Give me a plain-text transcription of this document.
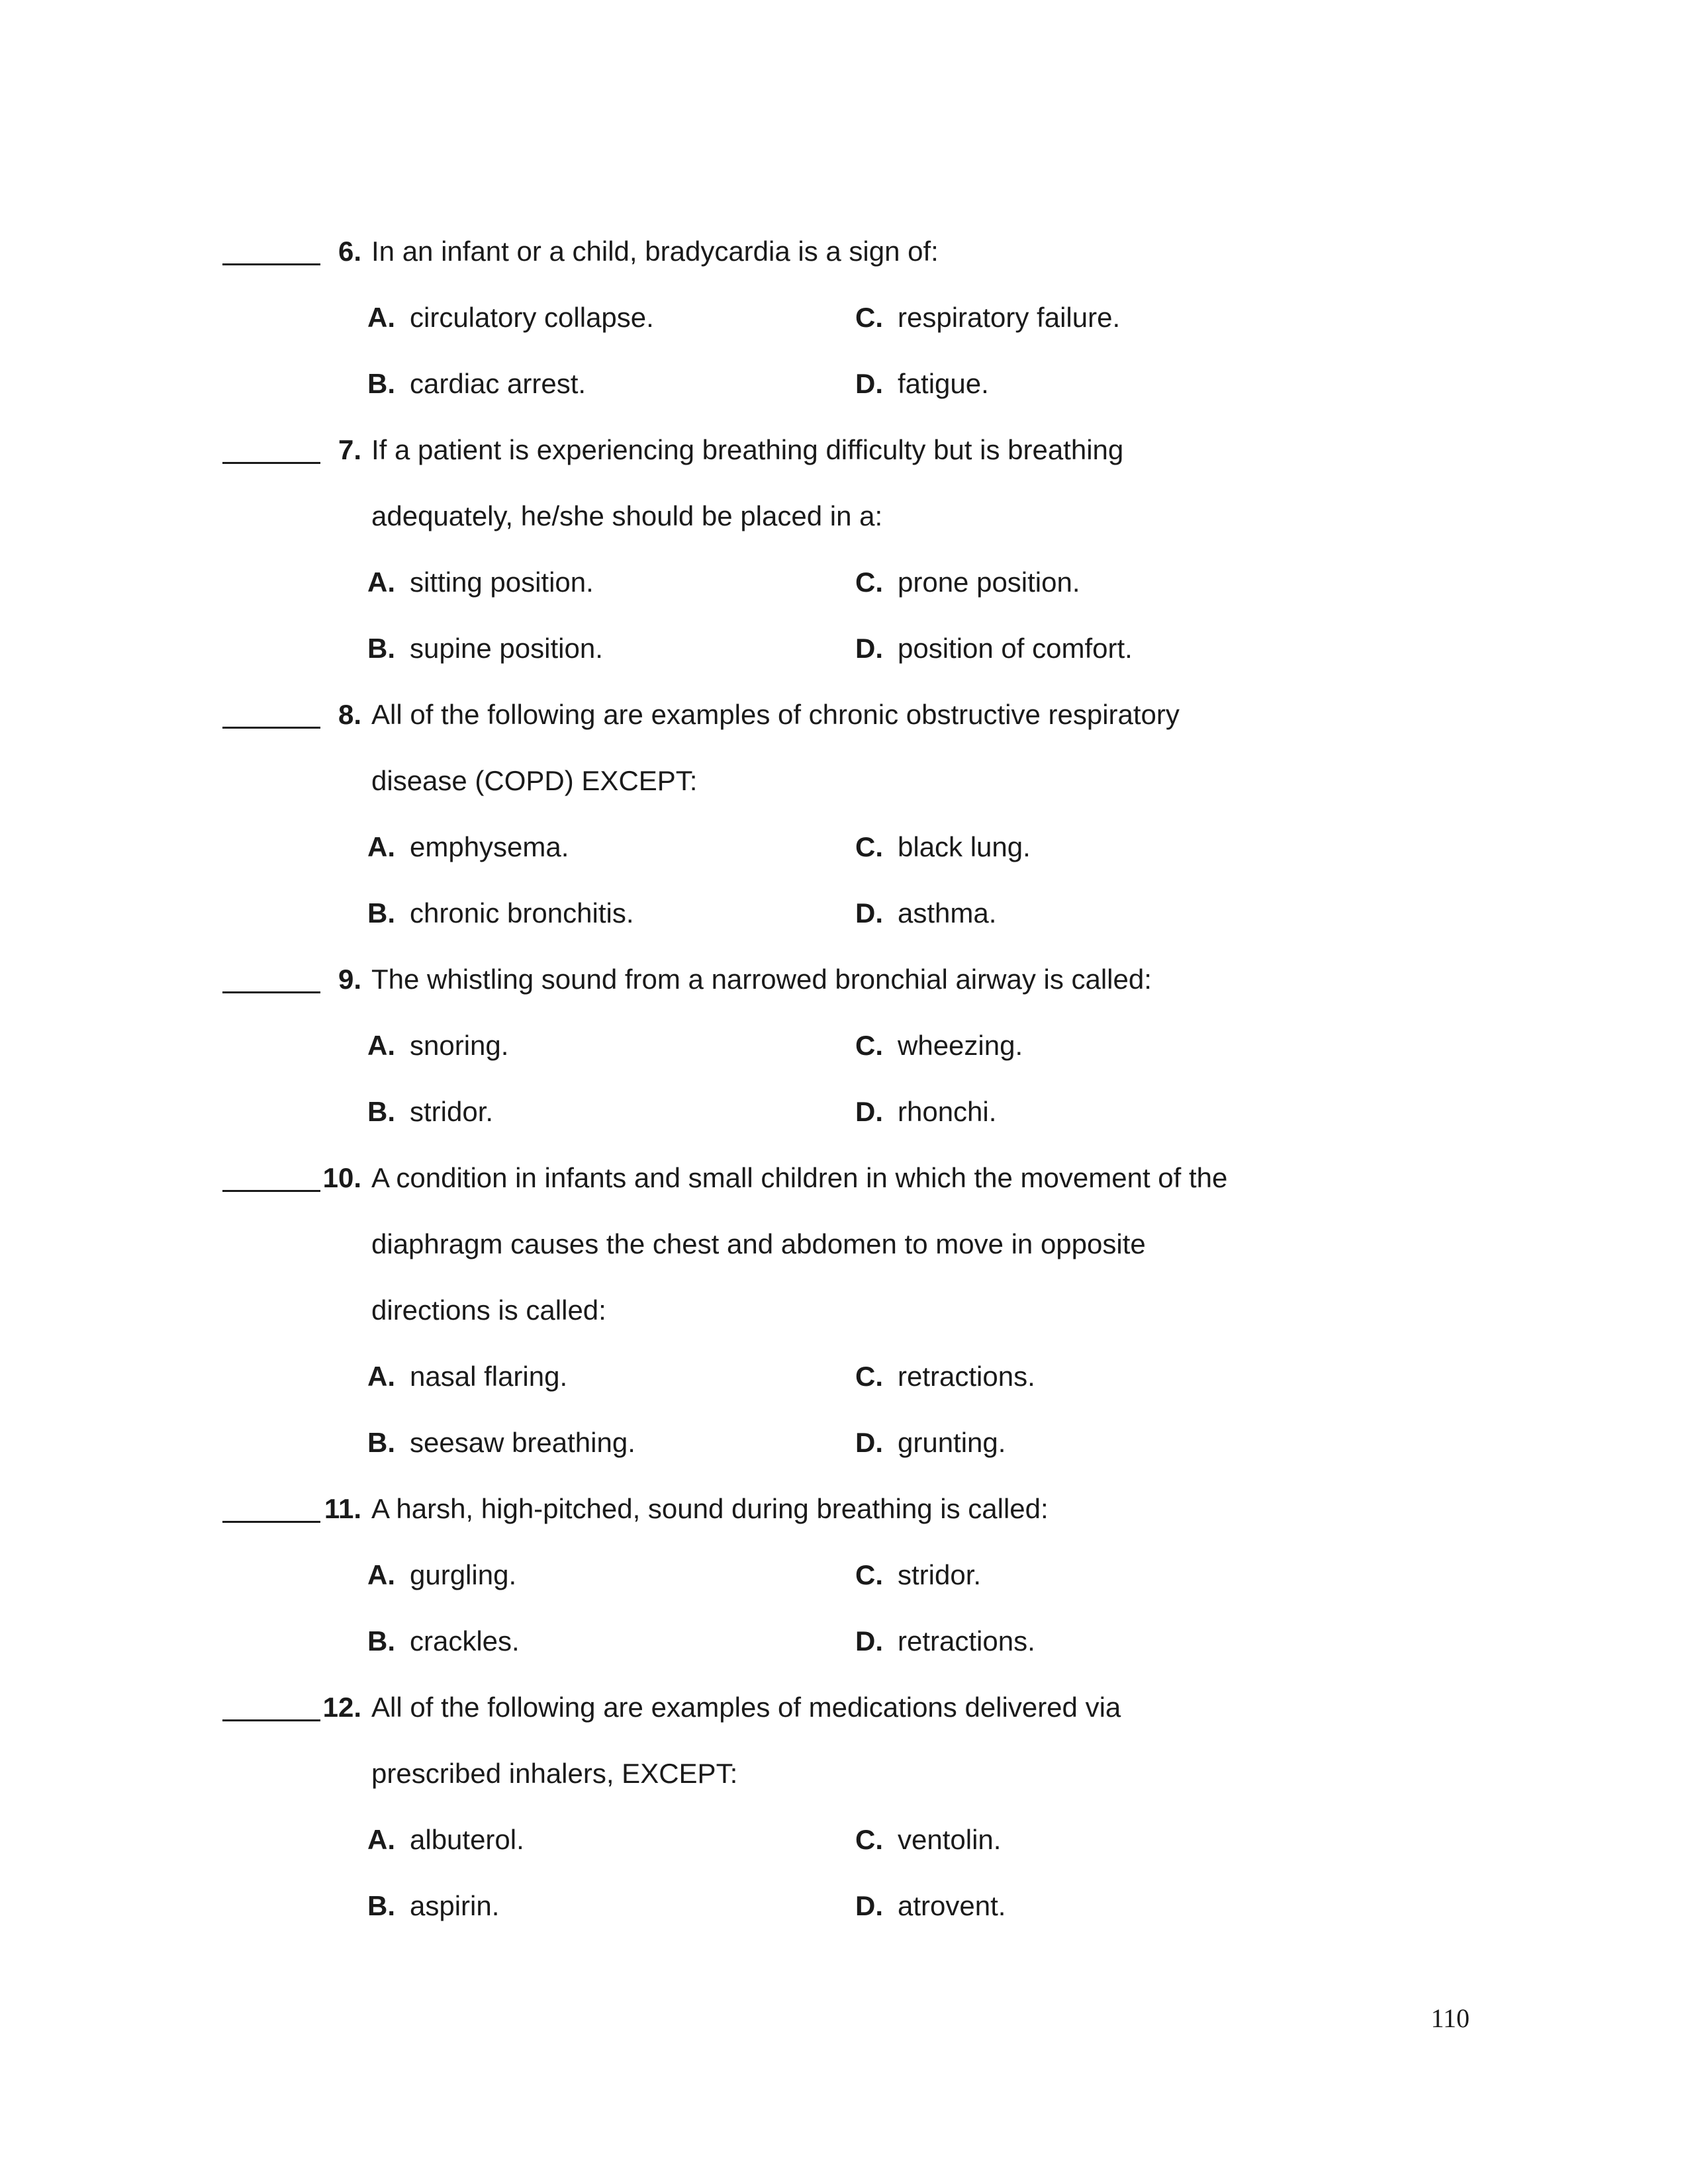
6. In an infant or a child, bradycardia is a sign of:
A. circulatory collapse.	C. respiratory failure.
B. cardiac arrest.	D. fatigue.
7. If a patient is experiencing breathing difficulty but is breathing
adequately, he/she should be placed in a:
A. sitting position.	C. prone position.
B. supine position.	D. position of comfort.
8. All of the following are examples of chronic obstructive respiratory
disease (COPD) EXCEPT:
A. emphysema.	C. black lung.
B. chronic bronchitis.	D. asthma.
9. The whistling sound from a narrowed bronchial airway is called:
A. snoring.	C. wheezing.
B. stridor.	D. rhonchi.
10. A condition in infants and small children in which the movement of the
diaphragm causes the chest and abdomen to move in opposite
directions is called:
A. nasal flaring.	C. retractions.
B. seesaw breathing.	D. grunting.
11. A harsh, high-pitched, sound during breathing is called:
A. gurgling.	C. stridor.
B. crackles.	D. retractions.
12. All of the following are examples of medications delivered via
prescribed inhalers, EXCEPT:
A. albuterol.	C. ventolin.
B. aspirin.	D. atrovent.
110
